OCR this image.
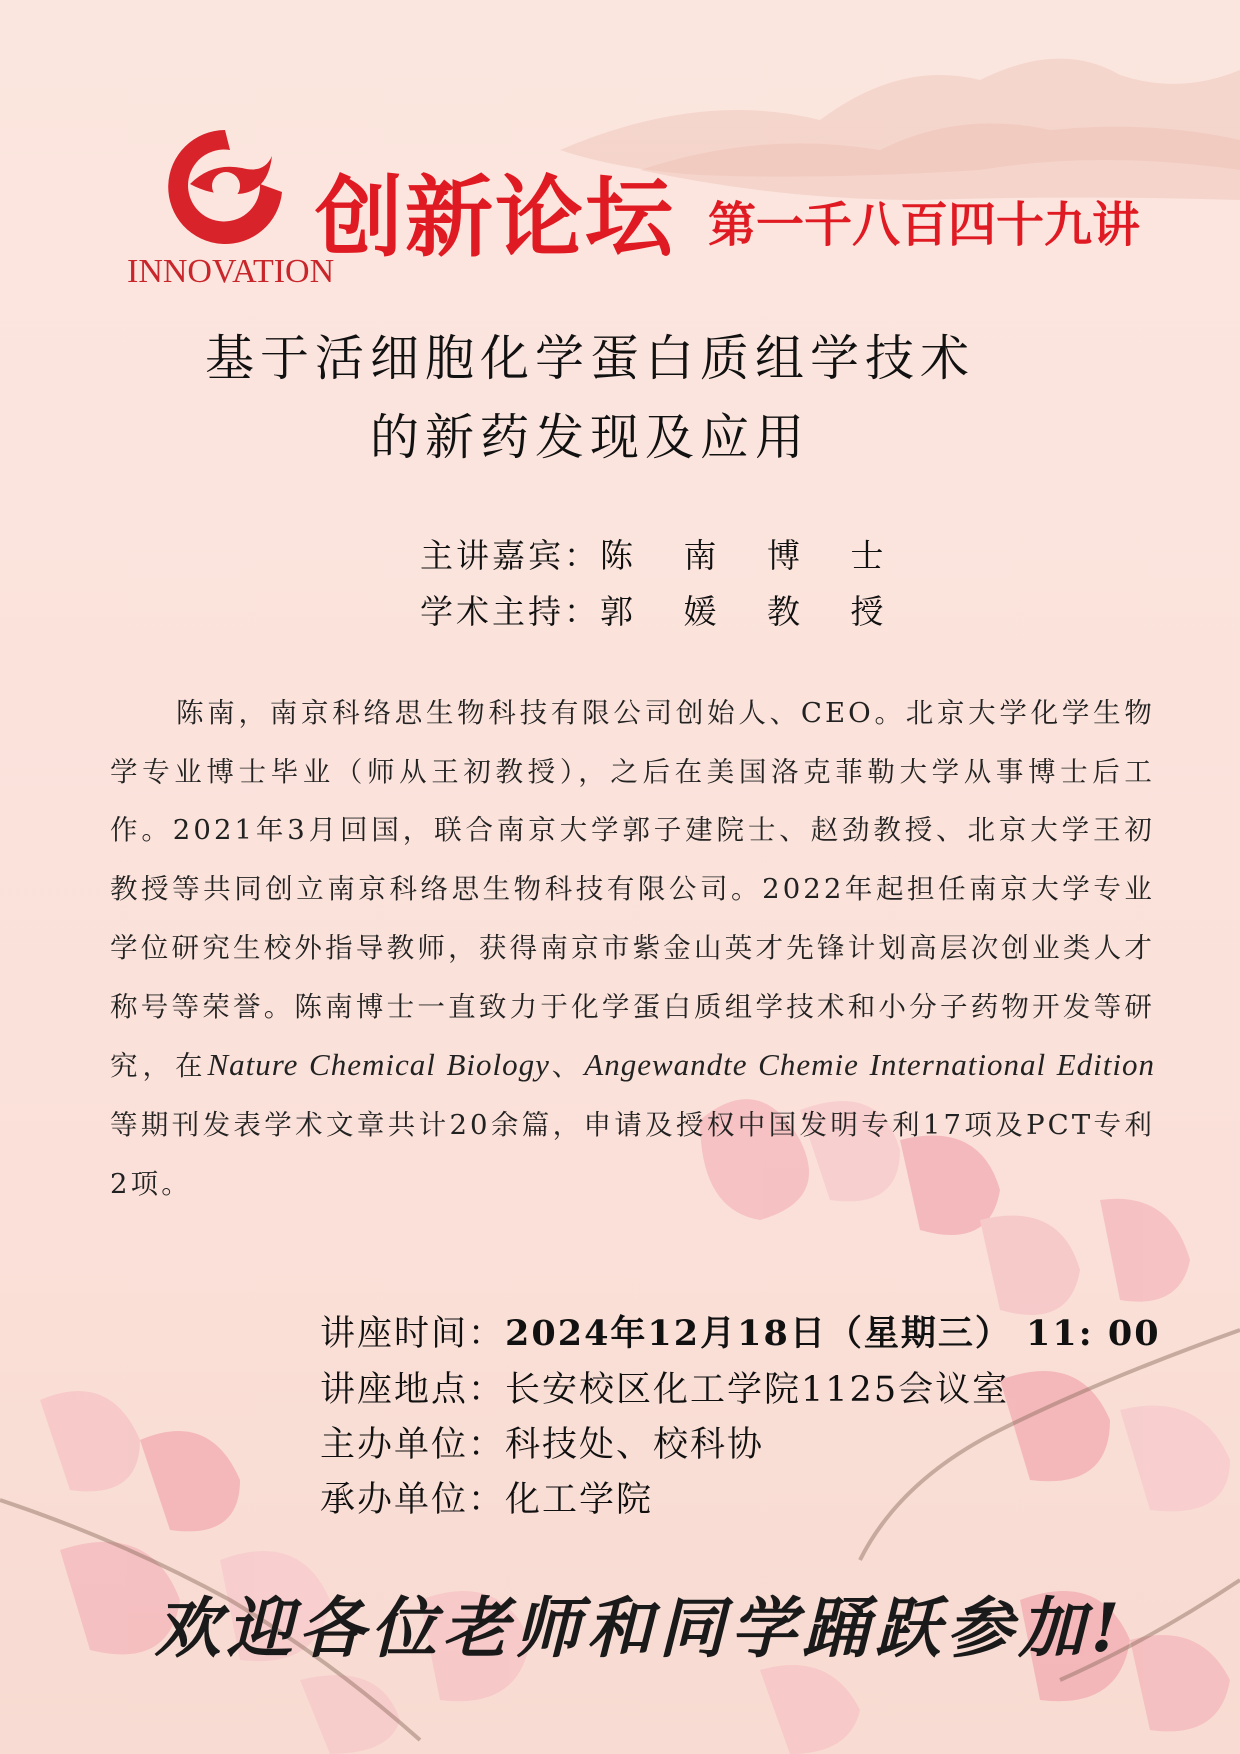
INNOVATION
创新论坛 第一千八百四十九讲
基于活细胞化学蛋白质组学技术
的新药发现及应用
主讲嘉宾：陈 南 博 士
学术主持：郭 媛 教 授
陈南，南京科络思生物科技有限公司创始人、CEO。北京大学化学生物学专业博士毕业（师从王初教授），之后在美国洛克菲勒大学从事博士后工作。2021年3月回国，联合南京大学郭子建院士、赵劲教授、北京大学王初教授等共同创立南京科络思生物科技有限公司。2022年起担任南京大学专业学位研究生校外指导教师，获得南京市紫金山英才先锋计划高层次创业类人才称号等荣誉。陈南博士一直致力于化学蛋白质组学技术和小分子药物开发等研究，在Nature Chemical Biology、Angewandte Chemie International Edition等期刊发表学术文章共计20余篇，申请及授权中国发明专利17项及PCT专利2项。
讲座时间：2024年12月18日（星期三） 11: 00
讲座地点：长安校区化工学院1125会议室
主办单位：科技处、校科协
承办单位：化工学院
欢迎各位老师和同学踊跃参加!
